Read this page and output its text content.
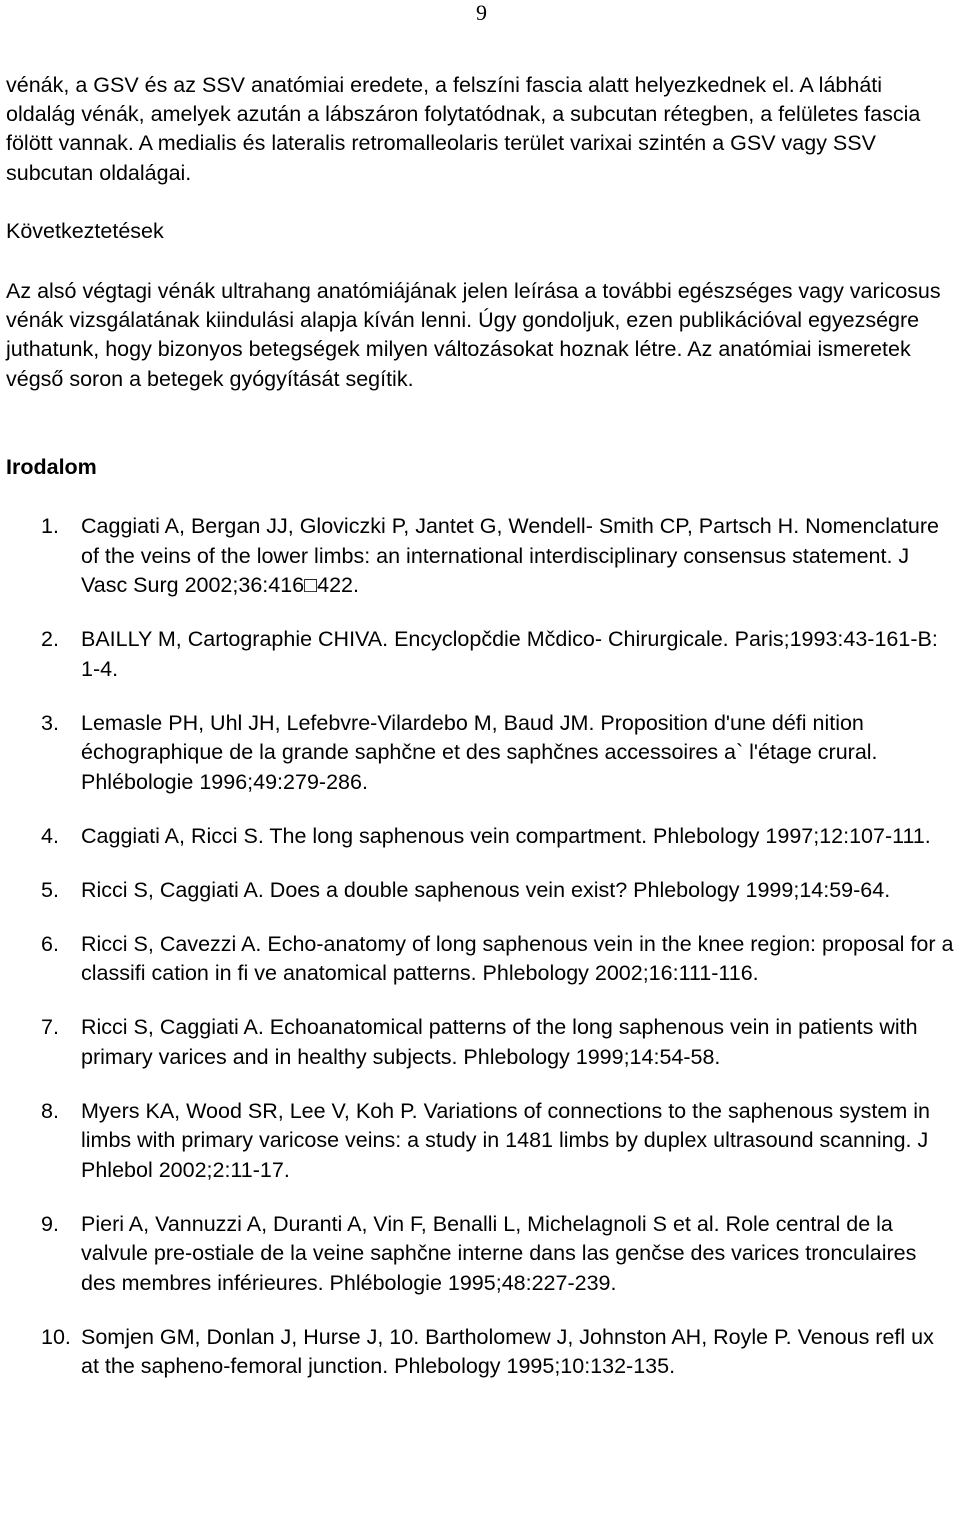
9

vénák, a GSV és az SSV anatómiai eredete, a felszíni fascia alatt helyezkednek el. A lábháti oldalág vénák, amelyek azután a lábszáron folytatódnak, a subcutan rétegben, a felületes fascia fölött vannak. A medialis és lateralis retromalleolaris terület varixai szintén a GSV vagy SSV subcutan oldalágai.

Következtetések

Az alsó végtagi vénák ultrahang anatómiájának jelen leírása a további egészséges vagy varicosus vénák vizsgálatának kiindulási alapja kíván lenni. Úgy gondoljuk, ezen publikációval egyezségre juthatunk, hogy bizonyos betegségek milyen változásokat hoznak létre. Az anatómiai ismeretek végső soron a betegek gyógyítását segítik.

Irodalom
1. Caggiati A, Bergan JJ, Gloviczki P, Jantet G, Wendell- Smith CP, Partsch H. Nomenclature of the veins of the lower limbs: an international interdisciplinary consensus statement. J Vasc Surg 2002;36:416□422.
2. BAILLY M, Cartographie CHIVA. Encyclopčdie Mčdico- Chirurgicale. Paris;1993:43-161-B: 1-4.
3. Lemasle PH, Uhl JH, Lefebvre-Vilardebo M, Baud JM. Proposition d'une défi nition échographique de la grande saphčne et des saphčnes accessoires a` l'étage crural. Phlébologie 1996;49:279-286.
4. Caggiati A, Ricci S. The long saphenous vein compartment. Phlebology 1997;12:107-111.
5. Ricci S, Caggiati A. Does a double saphenous vein exist? Phlebology 1999;14:59-64.
6. Ricci S, Cavezzi A. Echo-anatomy of long saphenous vein in the knee region: proposal for a classifi cation in fi ve anatomical patterns. Phlebology 2002;16:111-116.
7. Ricci S, Caggiati A. Echoanatomical patterns of the long saphenous vein in patients with primary varices and in healthy subjects. Phlebology 1999;14:54-58.
8. Myers KA, Wood SR, Lee V, Koh P. Variations of connections to the saphenous system in limbs with primary varicose veins: a study in 1481 limbs by duplex ultrasound scanning. J Phlebol 2002;2:11-17.
9. Pieri A, Vannuzzi A, Duranti A, Vin F, Benalli L, Michelagnoli S et al. Role central de la valvule pre-ostiale de la veine saphčne interne dans las genčse des varices tronculaires des membres inférieures. Phlébologie 1995;48:227-239.
10. Somjen GM, Donlan J, Hurse J, 10. Bartholomew J, Johnston AH, Royle P. Venous refl ux at the sapheno-femoral junction. Phlebology 1995;10:132-135.
